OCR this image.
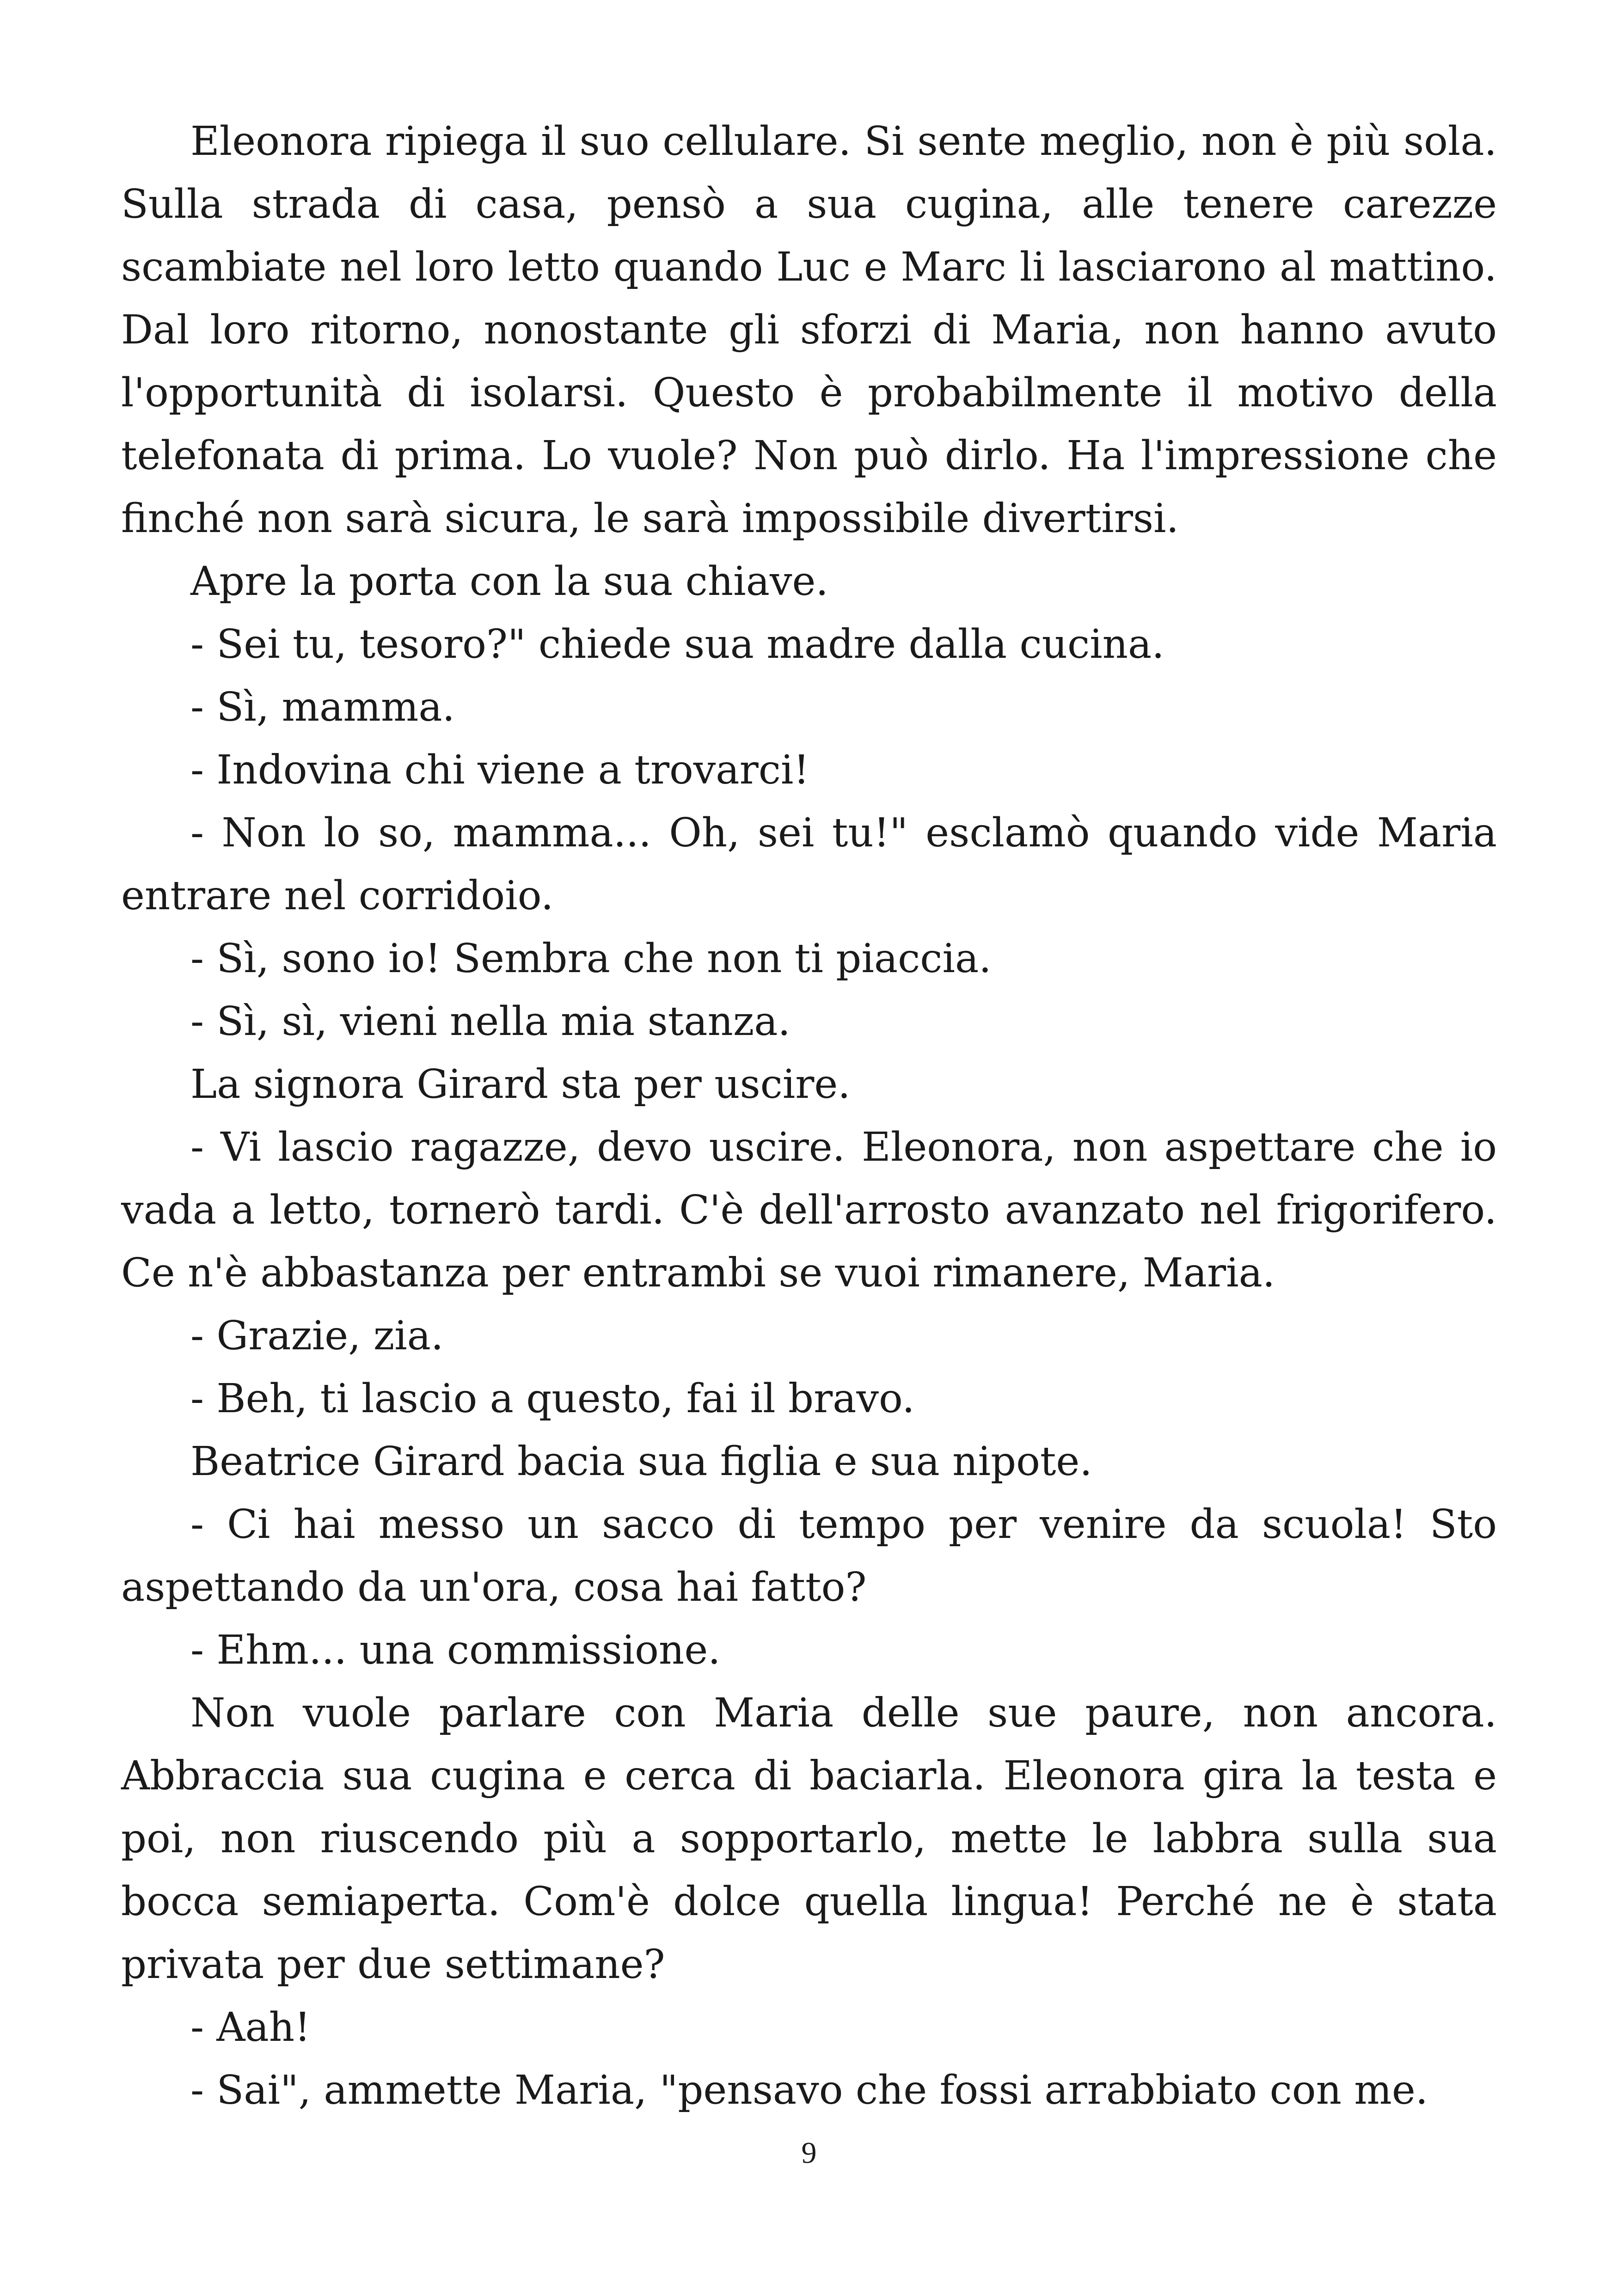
Eleonora ripiega il suo cellulare. Si sente meglio, non è più sola. Sulla strada di casa, pensò a sua cugina, alle tenere carezze scambiate nel loro letto quando Luc e Marc li lasciarono al mattino. Dal loro ritorno, nonostante gli sforzi di Maria, non hanno avuto l'opportunità di isolarsi. Questo è probabilmente il motivo della telefonata di prima. Lo vuole? Non può dirlo. Ha l'impressione che finché non sarà sicura, le sarà impossibile divertirsi.

Apre la porta con la sua chiave.

- Sei tu, tesoro?" chiede sua madre dalla cucina.

- Sì, mamma.

- Indovina chi viene a trovarci!

- Non lo so, mamma... Oh, sei tu!" esclamò quando vide Maria entrare nel corridoio.

- Sì, sono io! Sembra che non ti piaccia.

- Sì, sì, vieni nella mia stanza.

La signora Girard sta per uscire.

- Vi lascio ragazze, devo uscire. Eleonora, non aspettare che io vada a letto, tornerò tardi. C'è dell'arrosto avanzato nel frigorifero. Ce n'è abbastanza per entrambi se vuoi rimanere, Maria.

- Grazie, zia.

- Beh, ti lascio a questo, fai il bravo.

Beatrice Girard bacia sua figlia e sua nipote.

- Ci hai messo un sacco di tempo per venire da scuola! Sto aspettando da un'ora, cosa hai fatto?

- Ehm... una commissione.

Non vuole parlare con Maria delle sue paure, non ancora. Abbraccia sua cugina e cerca di baciarla. Eleonora gira la testa e poi, non riuscendo più a sopportarlo, mette le labbra sulla sua bocca semiaperta. Com'è dolce quella lingua! Perché ne è stata privata per due settimane?

- Aah!

- Sai", ammette Maria, "pensavo che fossi arrabbiato con me.

9
